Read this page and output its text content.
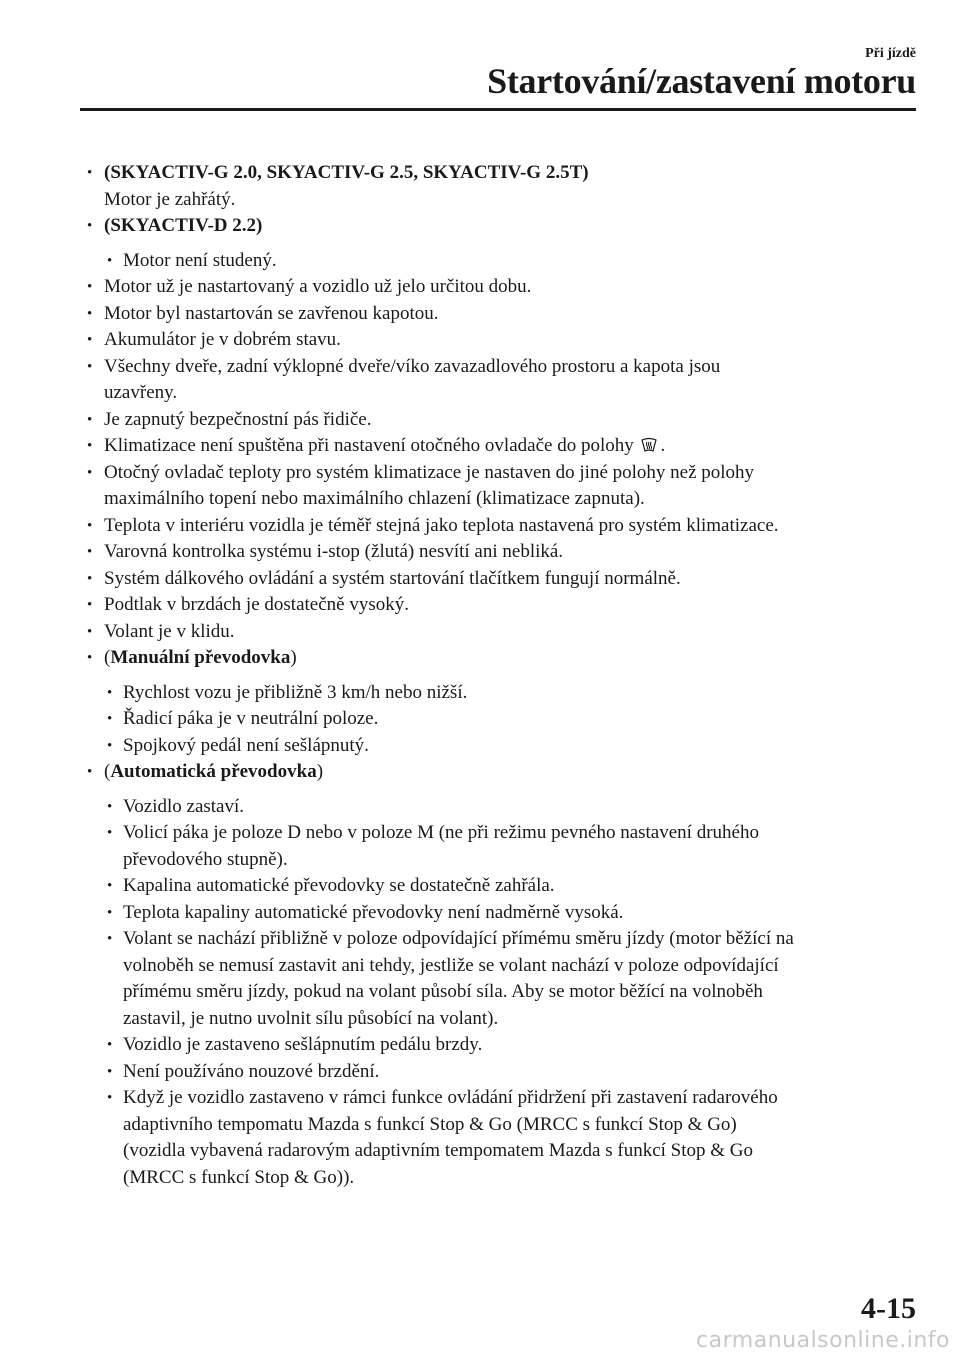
Při jízdě
Startování/zastavení motoru
• (SKYACTIV-G 2.0, SKYACTIV-G 2.5, SKYACTIV-G 2.5T)
Motor je zahřátý.
• (SKYACTIV-D 2.2)
• Motor není studený.
• Motor už je nastartovaný a vozidlo už jelo určitou dobu.
• Motor byl nastartován se zavřenou kapotou.
• Akumulátor je v dobrém stavu.
• Všechny dveře, zadní výklopné dveře/víko zavazadlového prostoru a kapota jsou
uzavřeny.
• Je zapnutý bezpečnostní pás řidiče.
• Klimatizace není spuštěna při nastavení otočného ovladače do polohy .
• Otočný ovladač teploty pro systém klimatizace je nastaven do jiné polohy než polohy
maximálního topení nebo maximálního chlazení (klimatizace zapnuta).
• Teplota v interiéru vozidla je téměř stejná jako teplota nastavená pro systém klimatizace.
• Varovná kontrolka systému i-stop (žlutá) nesvítí ani nebliká.
• Systém dálkového ovládání a systém startování tlačítkem fungují normálně.
• Podtlak v brzdách je dostatečně vysoký.
• Volant je v klidu.
• (Manuální převodovka)
• Rychlost vozu je přibližně 3 km/h nebo nižší.
• Řadicí páka je v neutrální poloze.
• Spojkový pedál není sešlápnutý.
• (Automatická převodovka)
• Vozidlo zastaví.
• Volicí páka je poloze D nebo v poloze M (ne při režimu pevného nastavení druhého
převodového stupně).
• Kapalina automatické převodovky se dostatečně zahřála.
• Teplota kapaliny automatické převodovky není nadměrně vysoká.
• Volant se nachází přibližně v poloze odpovídající přímému směru jízdy (motor běžící na
volnoběh se nemusí zastavit ani tehdy, jestliže se volant nachází v poloze odpovídající
přímému směru jízdy, pokud na volant působí síla. Aby se motor běžící na volnoběh
zastavil, je nutno uvolnit sílu působící na volant).
• Vozidlo je zastaveno sešlápnutím pedálu brzdy.
• Není používáno nouzové brzdění.
• Když je vozidlo zastaveno v rámci funkce ovládání přidržení při zastavení radarového
adaptivního tempomatu Mazda s funkcí Stop & Go (MRCC s funkcí Stop & Go)
(vozidla vybavená radarovým adaptivním tempomatem Mazda s funkcí Stop & Go
(MRCC s funkcí Stop & Go)).
4-15
carmanualsonline.info
